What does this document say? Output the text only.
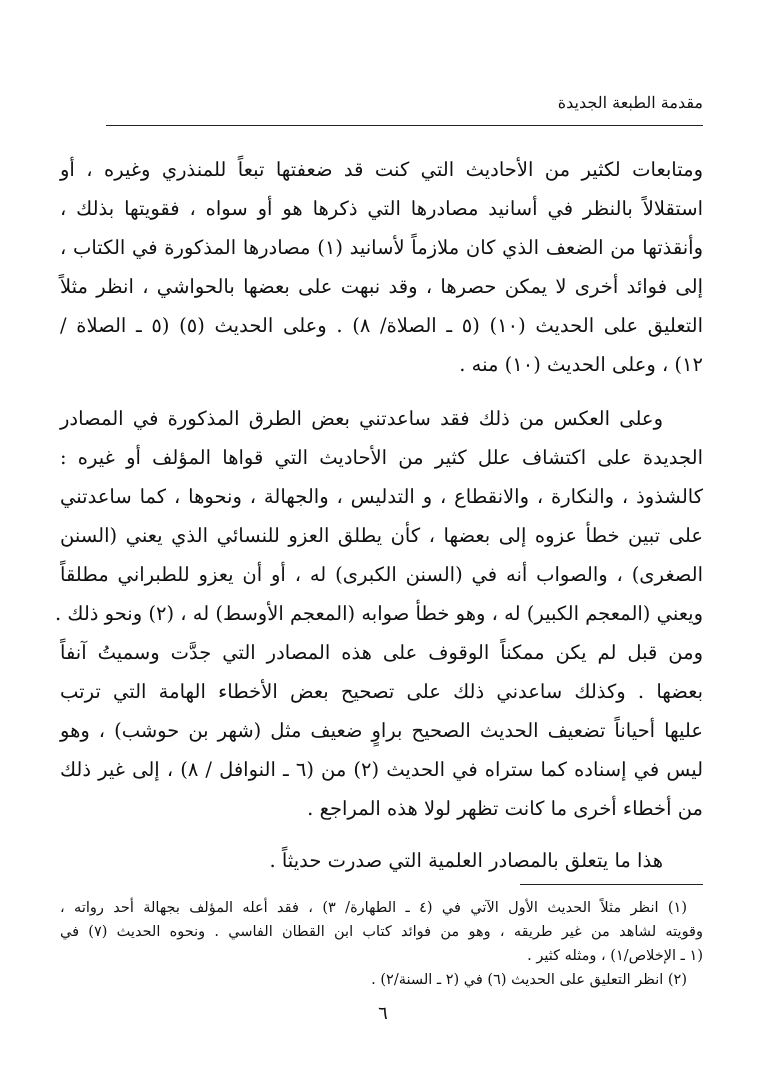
مقدمة الطبعة الجديدة
ومتابعات لكثير من الأحاديث التي كنت قد ضعفتها تبعاً للمنذري وغيره ، أو
استقلالاً بالنظر في أسانيد مصادرها التي ذكرها هو أو سواه ، فقويتها بذلك ،
وأنقذتها من الضعف الذي كان ملازماً لأسانيد (١) مصادرها المذكورة في الكتاب ،
إلى فوائد أخرى لا يمكن حصرها ، وقد نبهت على بعضها بالحواشي ، انظر مثلاً
التعليق على الحديث (١٠) (٥ ـ الصلاة/ ٨) . وعلى الحديث (٥) (٥ ـ الصلاة /
١٢) ، وعلى الحديث (١٠) منه .
وعلى العكس من ذلك فقد ساعدتني بعض الطرق المذكورة في المصادر
الجديدة على اكتشاف علل كثير من الأحاديث التي قواها المؤلف أو غيره :
كالشذوذ ، والنكارة ، والانقطاع ، و التدليس ، والجهالة ، ونحوها ، كما ساعدتني
على تبين خطأ عزوه إلى بعضها ، كأن يطلق العزو للنسائي الذي يعني (السنن
الصغرى) ، والصواب أنه في (السنن الكبرى) له ، أو أن يعزو للطبراني مطلقاً
ويعني (المعجم الكبير) له ، وهو خطأ صوابه (المعجم الأوسط) له ، (٢) ونحو ذلك .
ومن قبل لم يكن ممكناً الوقوف على هذه المصادر التي جدَّت وسميتُ آنفاً
بعضها . وكذلك ساعدني ذلك على تصحيح بعض الأخطاء الهامة التي ترتب
عليها أحياناً تضعيف الحديث الصحيح براوٍ ضعيف مثل (شهر بن حوشب) ، وهو
ليس في إسناده كما ستراه في الحديث (٢) من (٦ ـ النوافل / ٨) ، إلى غير ذلك
من أخطاء أخرى ما كانت تظهر لولا هذه المراجع .
هذا ما يتعلق بالمصادر العلمية التي صدرت حديثاً .
(١) انظر مثلاً الحديث الأول الآتي في (٤ ـ الطهارة/ ٣) ، فقد أعله المؤلف بجهالة أحد رواته ،
وقويته لشاهد من غير طريقه ، وهو من فوائد كتاب ابن القطان الفاسي . ونحوه الحديث (٧) في
(١ ـ الإخلاص/١) ، ومثله كثير .
(٢) انظر التعليق على الحديث (٦) في (٢ ـ السنة/٢) .
٦
